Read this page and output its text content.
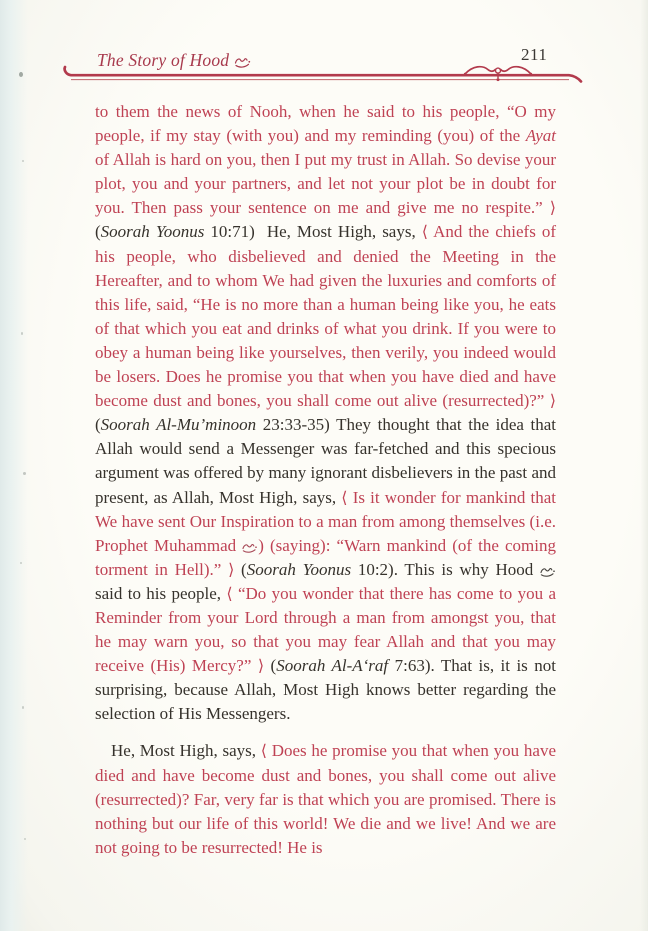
The Story of Hood	211
to them the news of Nooh, when he said to his people, “O my people, if my stay (with you) and my reminding (you) of the Ayat of Allah is hard on you, then I put my trust in Allah. So devise your plot, you and your partners, and let not your plot be in doubt for you. Then pass your sentence on me and give me no respite.” ⟩ (Soorah Yoonus 10:71)  He, Most High, says, ⟨ And the chiefs of his people, who disbelieved and denied the Meeting in the Hereafter, and to whom We had given the luxuries and comforts of this life, said, “He is no more than a human being like you, he eats of that which you eat and drinks of what you drink. If you were to obey a human being like yourselves, then verily, you indeed would be losers. Does he promise you that when you have died and have become dust and bones, you shall come out alive (resurrected)?” ⟩ (Soorah Al-Mu’minoon 23:33-35) They thought that the idea that Allah would send a Messenger was far-fetched and this specious argument was offered by many ignorant disbelievers in the past and present, as Allah, Most High, says, ⟨ Is it wonder for mankind that We have sent Our Inspiration to a man from among themselves (i.e. Prophet Muhammad ) (saying): “Warn mankind (of the coming torment in Hell).” ⟩ (Soorah Yoonus 10:2). This is why Hood  said to his people, ⟨ “Do you wonder that there has come to you a Reminder from your Lord through a man from amongst you, that he may warn you, so that you may fear Allah and that you may receive (His) Mercy?” ⟩ (Soorah Al-A‘raf 7:63). That is, it is not surprising, because Allah, Most High knows better regarding the selection of His Messengers.
He, Most High, says, ⟨ Does he promise you that when you have died and have become dust and bones, you shall come out alive (resurrected)? Far, very far is that which you are promised. There is nothing but our life of this world! We die and we live! And we are not going to be resurrected! He is
